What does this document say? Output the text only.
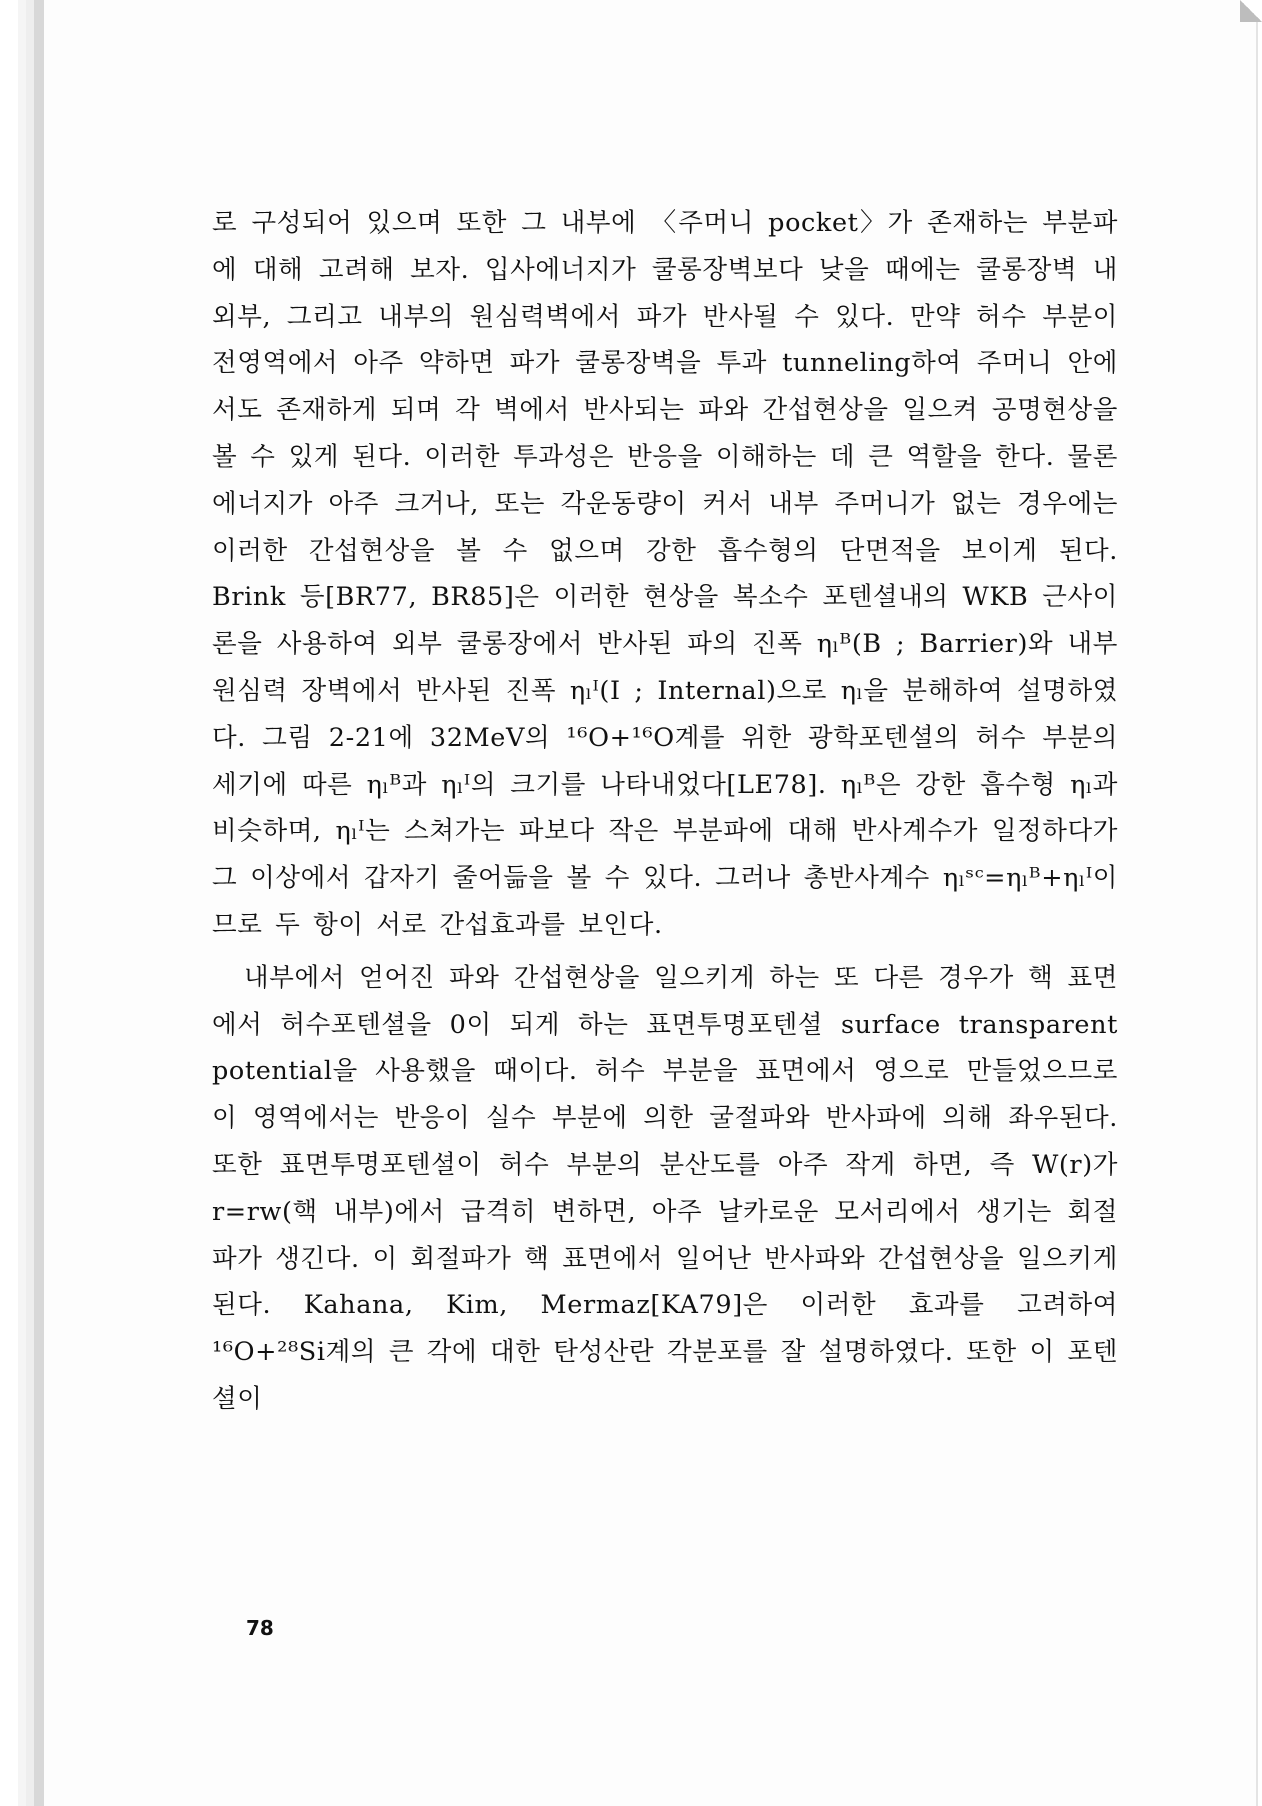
로 구성되어 있으며 또한 그 내부에 〈주머니 pocket〉가 존재하는 부분파에 대해 고려해 보자. 입사에너지가 쿨롱장벽보다 낮을 때에는 쿨롱장벽 내 외부, 그리고 내부의 원심력벽에서 파가 반사될 수 있다. 만약 허수 부분이 전영역에서 아주 약하면 파가 쿨롱장벽을 투과 tunneling하여 주머니 안에서도 존재하게 되며 각 벽에서 반사되는 파와 간섭현상을 일으켜 공명현상을 볼 수 있게 된다. 이러한 투과성은 반응을 이해하는 데 큰 역할을 한다. 물론 에너지가 아주 크거나, 또는 각운동량이 커서 내부 주머니가 없는 경우에는 이러한 간섭현상을 볼 수 없으며 강한 흡수형의 단면적을 보이게 된다. Brink 등[BR77, BR85]은 이러한 현상을 복소수 포텐셜내의 WKB 근사이론을 사용하여 외부 쿨롱장에서 반사된 파의 진폭 ηₗᴮ(B ; Barrier)와 내부 원심력 장벽에서 반사된 진폭 ηₗᴵ(I ; Internal)으로 ηₗ을 분해하여 설명하였다. 그림 2-21에 32MeV의 ¹⁶O+¹⁶O계를 위한 광학포텐셜의 허수 부분의 세기에 따른 ηₗᴮ과 ηₗᴵ의 크기를 나타내었다[LE78]. ηₗᴮ은 강한 흡수형 ηₗ과 비슷하며, ηₗᴵ는 스쳐가는 파보다 작은 부분파에 대해 반사계수가 일정하다가 그 이상에서 갑자기 줄어듦을 볼 수 있다. 그러나 총반사계수 ηₗˢᶜ=ηₗᴮ+ηₗᴵ이므로 두 항이 서로 간섭효과를 보인다.

내부에서 얻어진 파와 간섭현상을 일으키게 하는 또 다른 경우가 핵 표면에서 허수포텐셜을 0이 되게 하는 표면투명포텐셜 surface transparent potential을 사용했을 때이다. 허수 부분을 표면에서 영으로 만들었으므로 이 영역에서는 반응이 실수 부분에 의한 굴절파와 반사파에 의해 좌우된다. 또한 표면투명포텐셜이 허수 부분의 분산도를 아주 작게 하면, 즉 W(r)가 r=rw(핵 내부)에서 급격히 변하면, 아주 날카로운 모서리에서 생기는 회절파가 생긴다. 이 회절파가 핵 표면에서 일어난 반사파와 간섭현상을 일으키게 된다. Kahana, Kim, Mermaz[KA79]은 이러한 효과를 고려하여 ¹⁶O+²⁸Si계의 큰 각에 대한 탄성산란 각분포를 잘 설명하였다. 또한 이 포텐셜이

78
